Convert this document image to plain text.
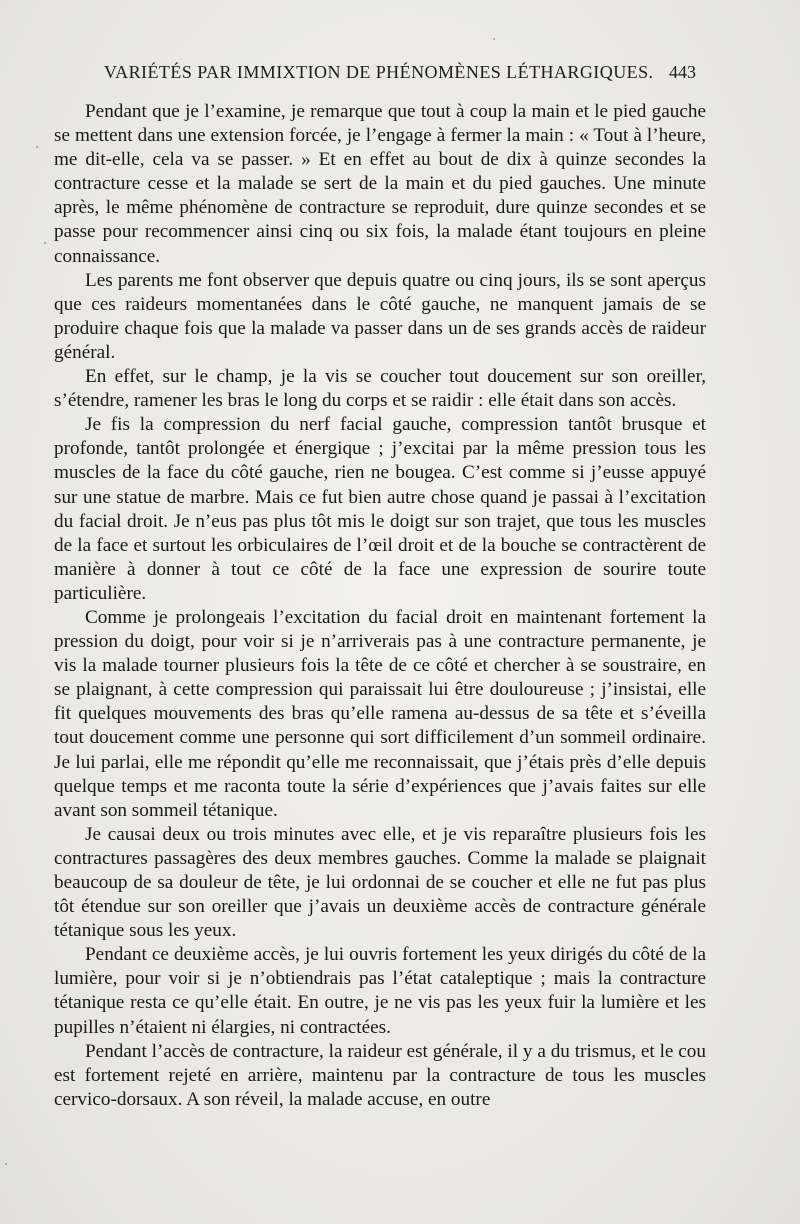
VARIÉTÉS PAR IMMIXTION DE PHÉNOMÈNES LÉTHARGIQUES. 443

Pendant que je l’examine, je remarque que tout à coup la main et le pied gauche se mettent dans une extension forcée, je l’engage à fermer la main : « Tout à l’heure, me dit-elle, cela va se passer. » Et en effet au bout de dix à quinze secondes la contracture cesse et la malade se sert de la main et du pied gauches. Une minute après, le même phénomène de contracture se reproduit, dure quinze secondes et se passe pour recommencer ainsi cinq ou six fois, la malade étant toujours en pleine connaissance.

Les parents me font observer que depuis quatre ou cinq jours, ils se sont aperçus que ces raideurs momentanées dans le côté gauche, ne manquent jamais de se produire chaque fois que la malade va passer dans un de ses grands accès de raideur général.

En effet, sur le champ, je la vis se coucher tout doucement sur son oreiller, s’étendre, ramener les bras le long du corps et se raidir : elle était dans son accès.

Je fis la compression du nerf facial gauche, compression tantôt brusque et profonde, tantôt prolongée et énergique ; j’excitai par la même pression tous les muscles de la face du côté gauche, rien ne bougea. C’est comme si j’eusse appuyé sur une statue de marbre. Mais ce fut bien autre chose quand je passai à l’excitation du facial droit. Je n’eus pas plus tôt mis le doigt sur son trajet, que tous les muscles de la face et surtout les orbiculaires de l’œil droit et de la bouche se contractèrent de manière à donner à tout ce côté de la face une expression de sourire toute particulière.

Comme je prolongeais l’excitation du facial droit en maintenant fortement la pression du doigt, pour voir si je n’arriverais pas à une contracture permanente, je vis la malade tourner plusieurs fois la tête de ce côté et chercher à se soustraire, en se plaignant, à cette compression qui paraissait lui être douloureuse ; j’insistai, elle fit quelques mouvements des bras qu’elle ramena au-dessus de sa tête et s’éveilla tout doucement comme une personne qui sort difficilement d’un sommeil ordinaire. Je lui parlai, elle me répondit qu’elle me reconnaissait, que j’étais près d’elle depuis quelque temps et me raconta toute la série d’expériences que j’avais faites sur elle avant son sommeil tétanique.

Je causai deux ou trois minutes avec elle, et je vis reparaître plusieurs fois les contractures passagères des deux membres gauches. Comme la malade se plaignait beaucoup de sa douleur de tête, je lui ordonnai de se coucher et elle ne fut pas plus tôt étendue sur son oreiller que j’avais un deuxième accès de contracture générale tétanique sous les yeux.

Pendant ce deuxième accès, je lui ouvris fortement les yeux dirigés du côté de la lumière, pour voir si je n’obtiendrais pas l’état cataleptique ; mais la contracture tétanique resta ce qu’elle était. En outre, je ne vis pas les yeux fuir la lumière et les pupilles n’étaient ni élargies, ni contractées.

Pendant l’accès de contracture, la raideur est générale, il y a du trismus, et le cou est fortement rejeté en arrière, maintenu par la contracture de tous les muscles cervico-dorsaux. A son réveil, la malade accuse, en outre
